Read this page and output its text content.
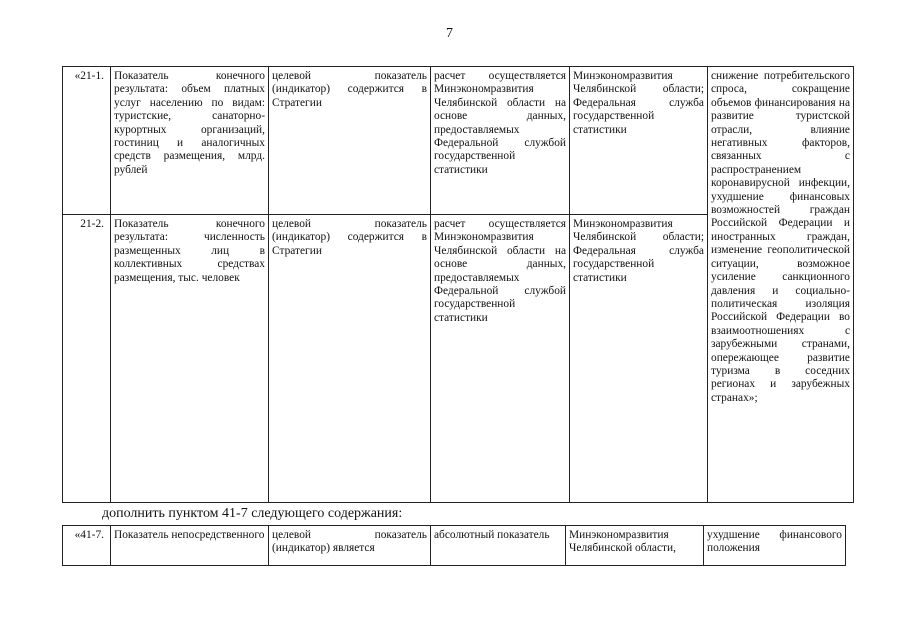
7
«21-1.	Показатель конечного результата: объем платных услуг населению по видам: туристские, санаторно-курортных организаций, гостиниц и аналогичных средств размещения, млрд. рублей	целевой показатель (индикатор) содержится в Стратегии	расчет осуществляется Минэкономразвития Челябинской области на основе данных, предоставляемых Федеральной службой государственной статистики	Минэкономразвития Челябинской области; Федеральная служба государственной статистики	снижение потребительского спроса, сокращение объемов финансирования на развитие туристской отрасли, влияние негативных факторов, связанных с распространением коронавирусной инфекции, ухудшение финансовых возможностей граждан Российской Федерации и иностранных граждан, изменение геополитической ситуации, возможное усиление санкционного давления и социально-политическая изоляция Российской Федерации во взаимоотношениях с зарубежными странами, опережающее развитие туризма в соседних регионах и зарубежных странах»;
21-2.	Показатель конечного результата: численность размещенных лиц в коллективных средствах размещения, тыс. человек	целевой показатель (индикатор) содержится в Стратегии	расчет осуществляется Минэкономразвития Челябинской области на основе данных, предоставляемых Федеральной службой государственной статистики	Минэкономразвития Челябинской области; Федеральная служба государственной статистики	
дополнить пунктом 41-7 следующего содержания:
«41-7.	Показатель непосредственного	целевой показатель (индикатор) является	абсолютный показатель	Минэкономразвития Челябинской области,	ухудшение финансового положения
